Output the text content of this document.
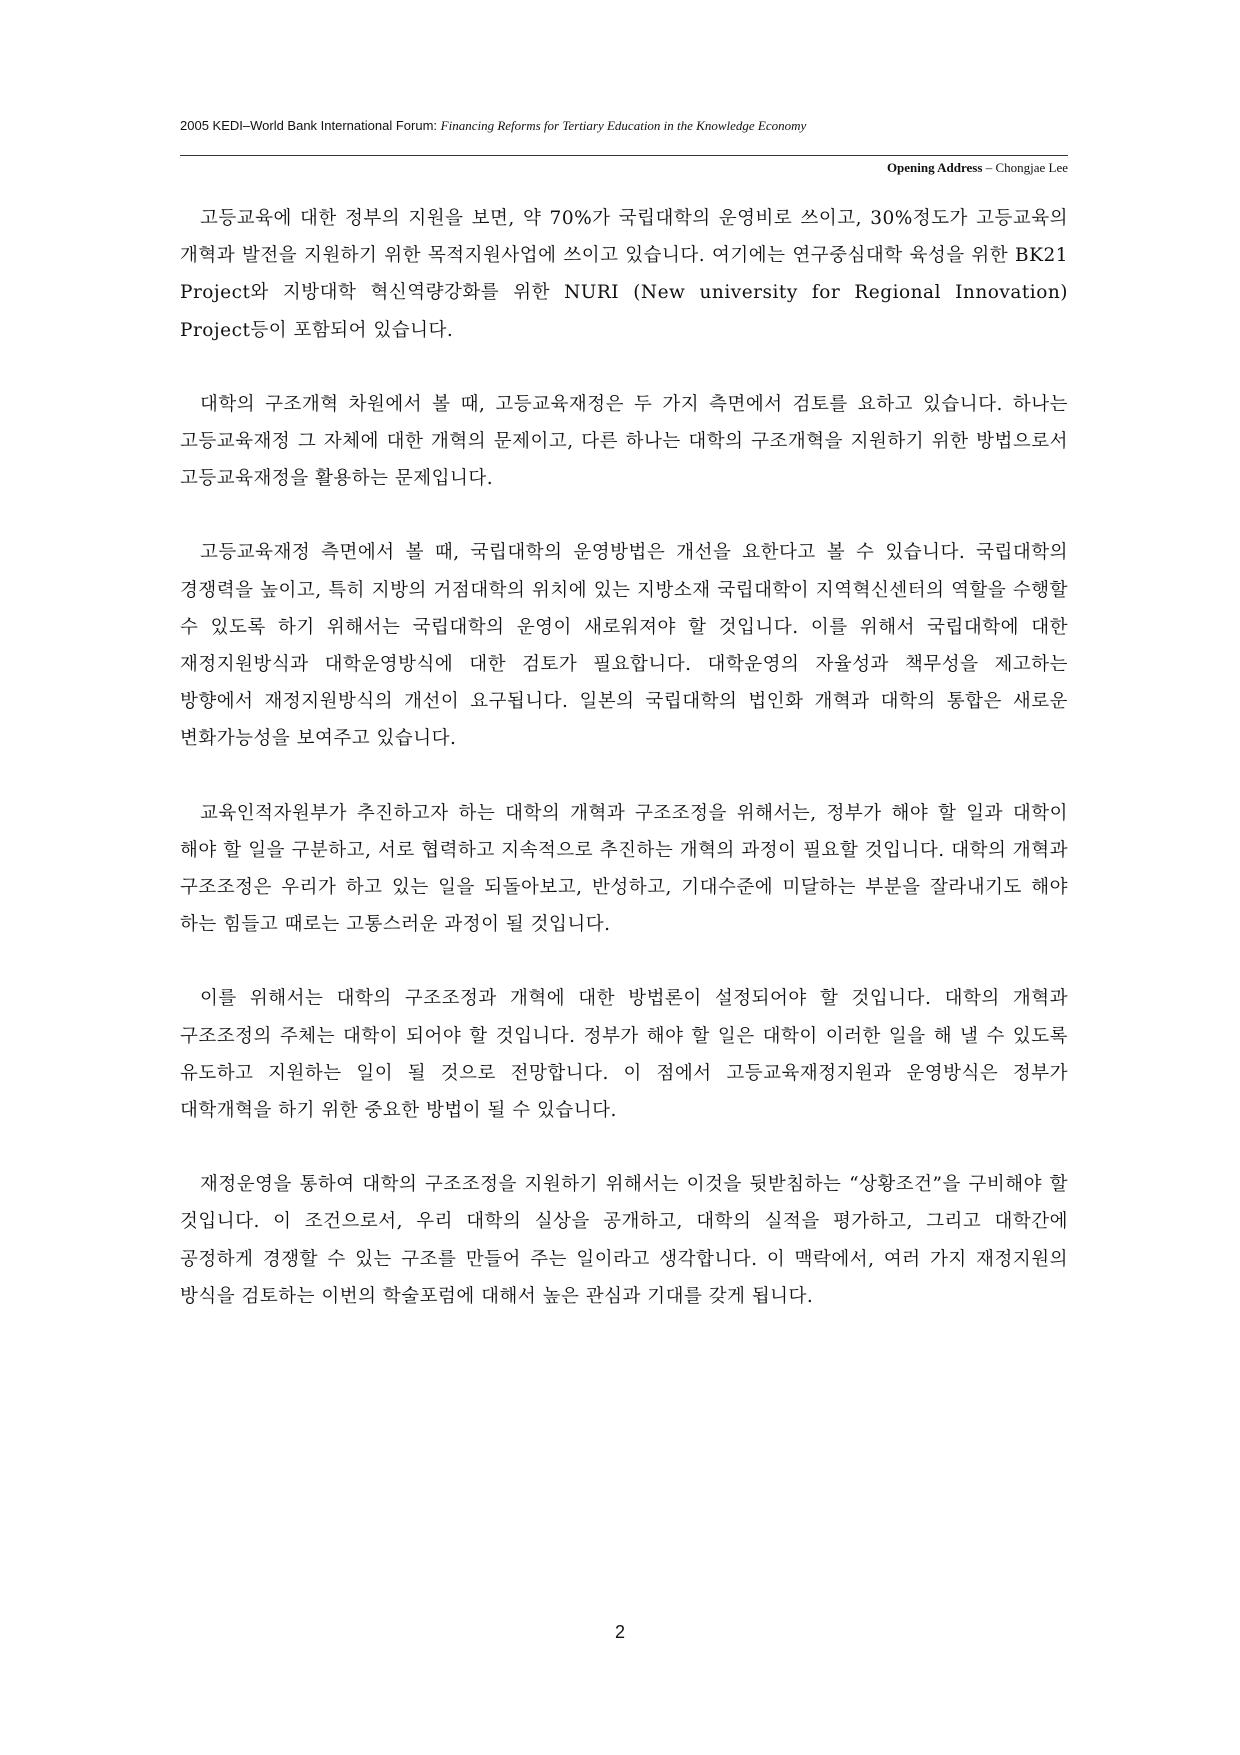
2005 KEDI–World Bank International Forum: Financing Reforms for Tertiary Education in the Knowledge Economy
Opening Address – Chongjae Lee

고등교육에 대한 정부의 지원을 보면, 약 70%가 국립대학의 운영비로 쓰이고, 30%정도가 고등교육의 개혁과 발전을 지원하기 위한 목적지원사업에 쓰이고 있습니다. 여기에는 연구중심대학 육성을 위한 BK21 Project와 지방대학 혁신역량강화를 위한 NURI (New university for Regional Innovation) Project등이 포함되어 있습니다.

대학의 구조개혁 차원에서 볼 때, 고등교육재정은 두 가지 측면에서 검토를 요하고 있습니다. 하나는 고등교육재정 그 자체에 대한 개혁의 문제이고, 다른 하나는 대학의 구조개혁을 지원하기 위한 방법으로서 고등교육재정을 활용하는 문제입니다.

고등교육재정 측면에서 볼 때, 국립대학의 운영방법은 개선을 요한다고 볼 수 있습니다. 국립대학의 경쟁력을 높이고, 특히 지방의 거점대학의 위치에 있는 지방소재 국립대학이 지역혁신센터의 역할을 수행할 수 있도록 하기 위해서는 국립대학의 운영이 새로워져야 할 것입니다. 이를 위해서 국립대학에 대한 재정지원방식과 대학운영방식에 대한 검토가 필요합니다. 대학운영의 자율성과 책무성을 제고하는 방향에서 재정지원방식의 개선이 요구됩니다. 일본의 국립대학의 법인화 개혁과 대학의 통합은 새로운 변화가능성을 보여주고 있습니다.

교육인적자원부가 추진하고자 하는 대학의 개혁과 구조조정을 위해서는, 정부가 해야 할 일과 대학이 해야 할 일을 구분하고, 서로 협력하고 지속적으로 추진하는 개혁의 과정이 필요할 것입니다. 대학의 개혁과 구조조정은 우리가 하고 있는 일을 되돌아보고, 반성하고, 기대수준에 미달하는 부분을 잘라내기도 해야 하는 힘들고 때로는 고통스러운 과정이 될 것입니다.

이를 위해서는 대학의 구조조정과 개혁에 대한 방법론이 설정되어야 할 것입니다. 대학의 개혁과 구조조정의 주체는 대학이 되어야 할 것입니다. 정부가 해야 할 일은 대학이 이러한 일을 해 낼 수 있도록 유도하고 지원하는 일이 될 것으로 전망합니다. 이 점에서 고등교육재정지원과 운영방식은 정부가 대학개혁을 하기 위한 중요한 방법이 될 수 있습니다.

재정운영을 통하여 대학의 구조조정을 지원하기 위해서는 이것을 뒷받침하는 “상황조건”을 구비해야 할 것입니다. 이 조건으로서, 우리 대학의 실상을 공개하고, 대학의 실적을 평가하고, 그리고 대학간에 공정하게 경쟁할 수 있는 구조를 만들어 주는 일이라고 생각합니다. 이 맥락에서, 여러 가지 재정지원의 방식을 검토하는 이번의 학술포럼에 대해서 높은 관심과 기대를 갖게 됩니다.

2
